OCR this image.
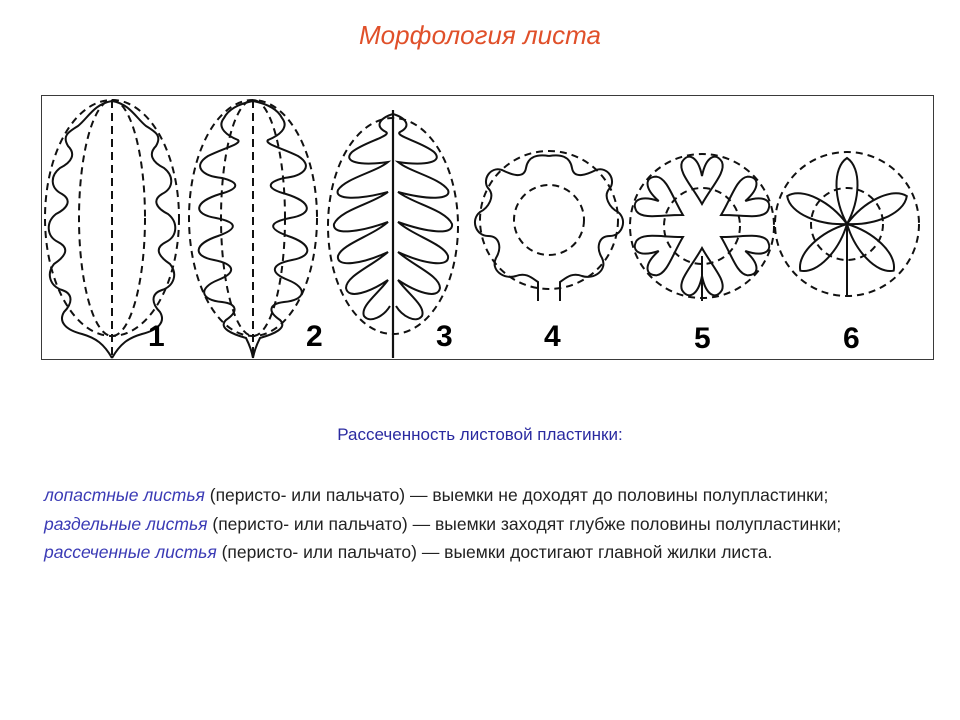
Морфология листа
1	2	3	4	5	6
Рассеченность листовой пластинки:
лопастные листья (перисто- или пальчато) — выемки не доходят до половины полупластинки;
раздельные листья (перисто- или пальчато) — выемки заходят глубже половины полупластинки;
рассеченные листья (перисто- или пальчато) — выемки достигают главной жилки листа.
